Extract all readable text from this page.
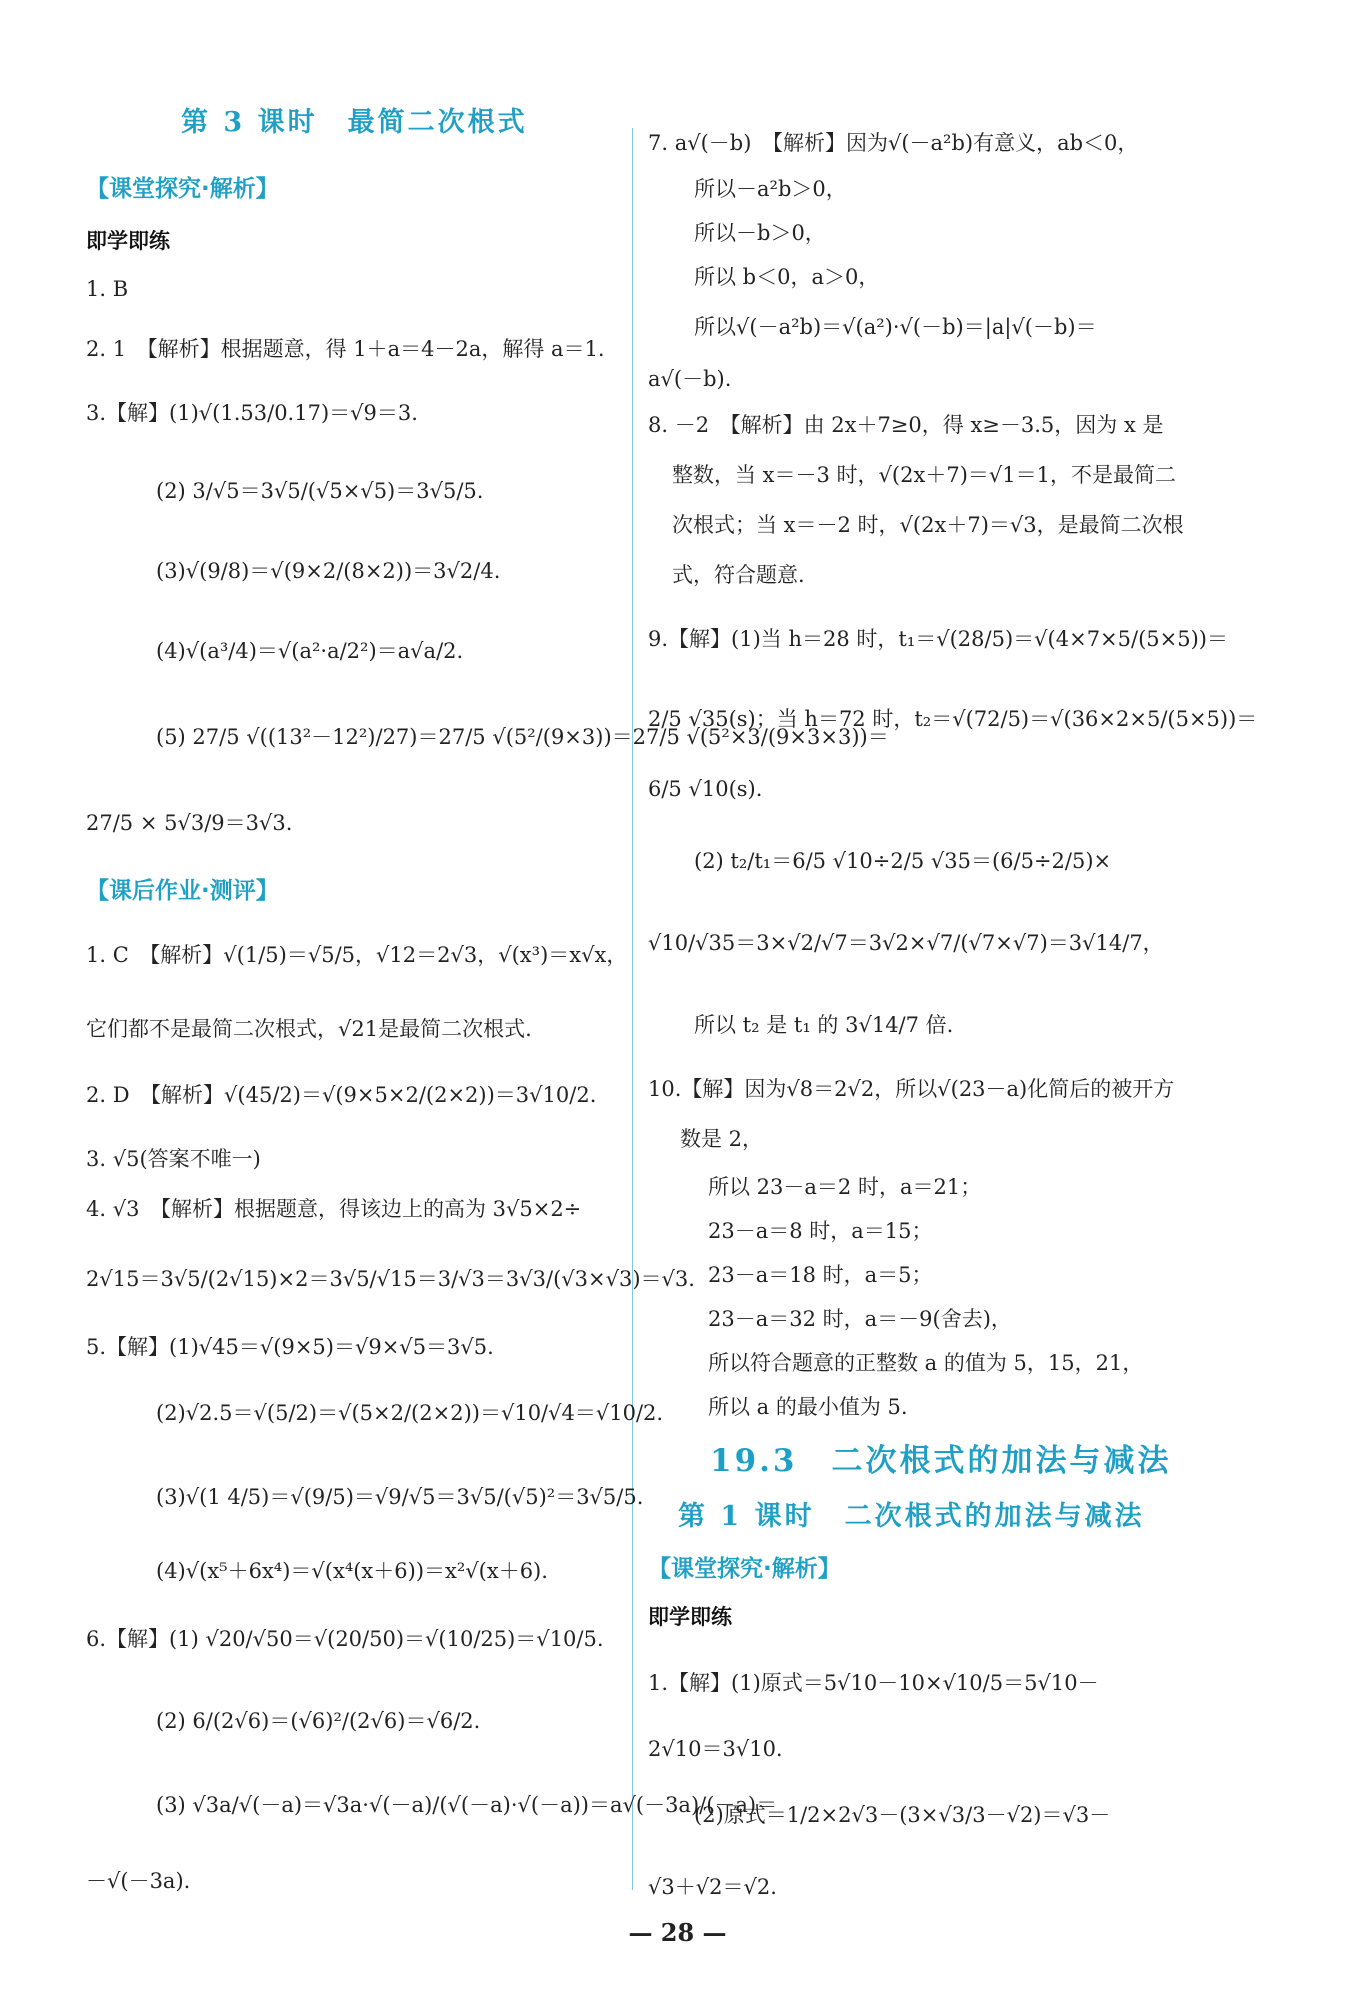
第 3 课时　最简二次根式
【课堂探究·解析】
即学即练
1. B
2. 1　【解析】根据题意，得 1＋a＝4－2a，解得 a＝1.
3.【解】(1)√(1.53/0.17)＝√9＝3.
(2) 3/√5＝3√5/(√5×√5)＝3√5/5.
(3)√(9/8)＝√(9×2/(8×2))＝3√2/4.
(4)√(a³/4)＝√(a²·a/2²)＝a√a/2.
(5) 27/5 √((13²－12²)/27)＝27/5 √(5²/(9×3))＝27/5 √(5²×3/(9×3×3))＝
27/5 × 5√3/9＝3√3.
【课后作业·测评】
1. C　【解析】√(1/5)＝√5/5，√12＝2√3，√(x³)＝x√x，
它们都不是最简二次根式，√21是最简二次根式.
2. D　【解析】√(45/2)＝√(9×5×2/(2×2))＝3√10/2.
3. √5(答案不唯一)
4. √3　【解析】根据题意，得该边上的高为 3√5×2÷
2√15＝3√5/(2√15)×2＝3√5/√15＝3/√3＝3√3/(√3×√3)＝√3.
5.【解】(1)√45＝√(9×5)＝√9×√5＝3√5.
(2)√2.5＝√(5/2)＝√(5×2/(2×2))＝√10/√4＝√10/2.
(3)√(1 4/5)＝√(9/5)＝√9/√5＝3√5/(√5)²＝3√5/5.
(4)√(x⁵＋6x⁴)＝√(x⁴(x＋6))＝x²√(x＋6).
6.【解】(1) √20/√50＝√(20/50)＝√(10/25)＝√10/5.
(2) 6/(2√6)＝(√6)²/(2√6)＝√6/2.
(3) √3a/√(－a)＝√3a·√(－a)/(√(－a)·√(－a))＝a√(－3a)/(－a)＝
－√(－3a).
7. a√(－b)　【解析】因为√(－a²b)有意义，ab＜0，
所以－a²b＞0，
所以－b＞0，
所以 b＜0，a＞0，
所以√(－a²b)＝√(a²)·√(－b)＝|a|√(－b)＝
a√(－b).
8. －2　【解析】由 2x＋7≥0，得 x≥－3.5，因为 x 是
整数，当 x＝－3 时，√(2x＋7)＝√1＝1，不是最简二
次根式；当 x＝－2 时，√(2x＋7)＝√3，是最简二次根
式，符合题意.
9.【解】(1)当 h＝28 时，t₁＝√(28/5)＝√(4×7×5/(5×5))＝
2/5 √35(s)；当 h＝72 时，t₂＝√(72/5)＝√(36×2×5/(5×5))＝
6/5 √10(s).
(2) t₂/t₁＝6/5 √10÷2/5 √35＝(6/5÷2/5)×
√10/√35＝3×√2/√7＝3√2×√7/(√7×√7)＝3√14/7，
所以 t₂ 是 t₁ 的 3√14/7 倍.
10.【解】因为√8＝2√2，所以√(23－a)化简后的被开方
数是 2，
所以 23－a＝2 时，a＝21；
23－a＝8 时，a＝15；
23－a＝18 时，a＝5；
23－a＝32 时，a＝－9(舍去)，
所以符合题意的正整数 a 的值为 5，15，21，
所以 a 的最小值为 5.
19.3　二次根式的加法与减法
第 1 课时　二次根式的加法与减法
【课堂探究·解析】
即学即练
1.【解】(1)原式＝5√10－10×√10/5＝5√10－
2√10＝3√10.
(2)原式＝1/2×2√3－(3×√3/3－√2)＝√3－
√3＋√2＝√2.
— 28 —
